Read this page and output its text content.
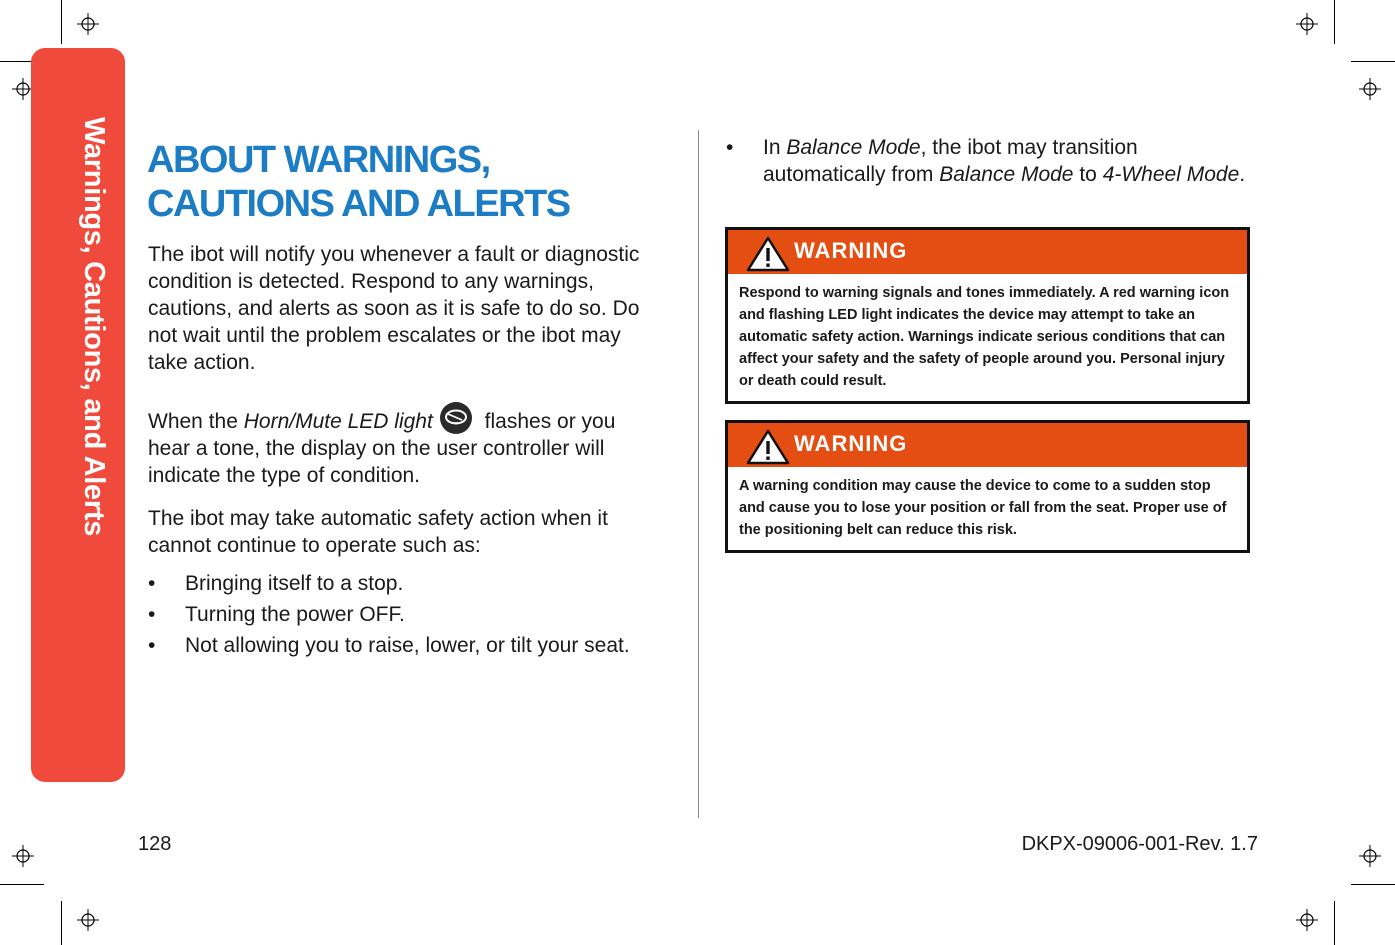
Warnings, Cautions, and Alerts ABOUT WARNINGS,
CAUTIONS AND ALERTS

The ibot will notify you whenever a fault or diagnostic condition is detected. Respond to any warnings, cautions, and alerts as soon as it is safe to do so. Do not wait until the problem escalates or the ibot may take action.

When the Horn/Mute LED light flashes or you hear a tone, the display on the user controller will indicate the type of condition.

The ibot may take automatic safety action when it cannot continue to operate such as:

• Bringing itself to a stop.
• Turning the power OFF.
• Not allowing you to raise, lower, or tilt your seat.
• In Balance Mode, the ibot may transition automatically from Balance Mode to 4-Wheel Mode.
WARNING
Respond to warning signals and tones immediately. A red warning icon and flashing LED light indicates the device may attempt to take an automatic safety action. Warnings indicate serious conditions that can affect your safety and the safety of people around you. Personal injury or death could result.
WARNING
A warning condition may cause the device to come to a sudden stop and cause you to lose your position or fall from the seat. Proper use of the positioning belt can reduce this risk.
128	DKPX-09006-001-Rev. 1.7
